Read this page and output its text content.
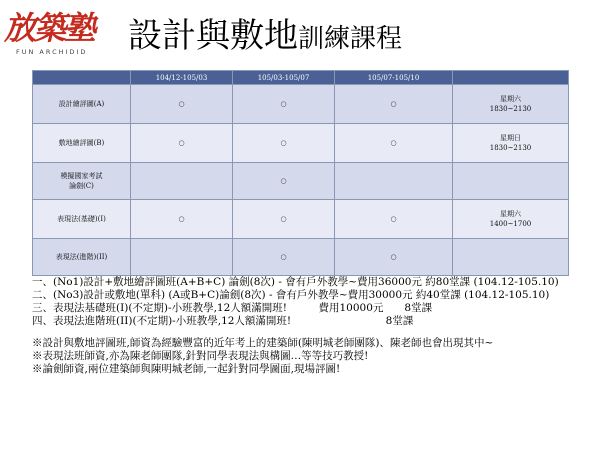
放築塾
FUN ARCHIDID	設計與敷地訓練課程
	104/12-105/03	105/03-105/07	105/07-105/10	
設計繪評圖(A)	○	○	○	星期六
1830~2130

敷地繪評圖(B)	○	○	○	星期日
1830~2130

模擬國家考試
論劍(C)		○		

表現法(基礎)(I)	○	○	○	星期六
1400~1700

表現法(進階)(II)		○	○	
一、(No1)設計+敷地繪評圖班(A+B+C) 論劍(8次) - 會有戶外教學~費用36000元 約80堂課 (104.12-105.10)
二、(No3)設計或敷地(單科) (A或B+C)論劍(8次) - 會有戶外教學~費用30000元 約40堂課 (104.12-105.10)
三、表現法基礎班(I)(不定期)-小班教學,12人額滿開班!　　　費用10000元　　8堂課
四、表現法進階班(II)(不定期)-小班教學,12人額滿開班!　　　　　　　　　8堂課
※設計與敷地評圖班,師資為經驗豐富的近年考上的建築師(陳明城老師團隊)、陳老師也會出現其中~
※表現法班師資,亦為陳老師團隊,針對同學表現法與構圖…等等技巧教授!
※論劍師資,兩位建築師與陳明城老師,一起針對同學圖面,現場評圖!
